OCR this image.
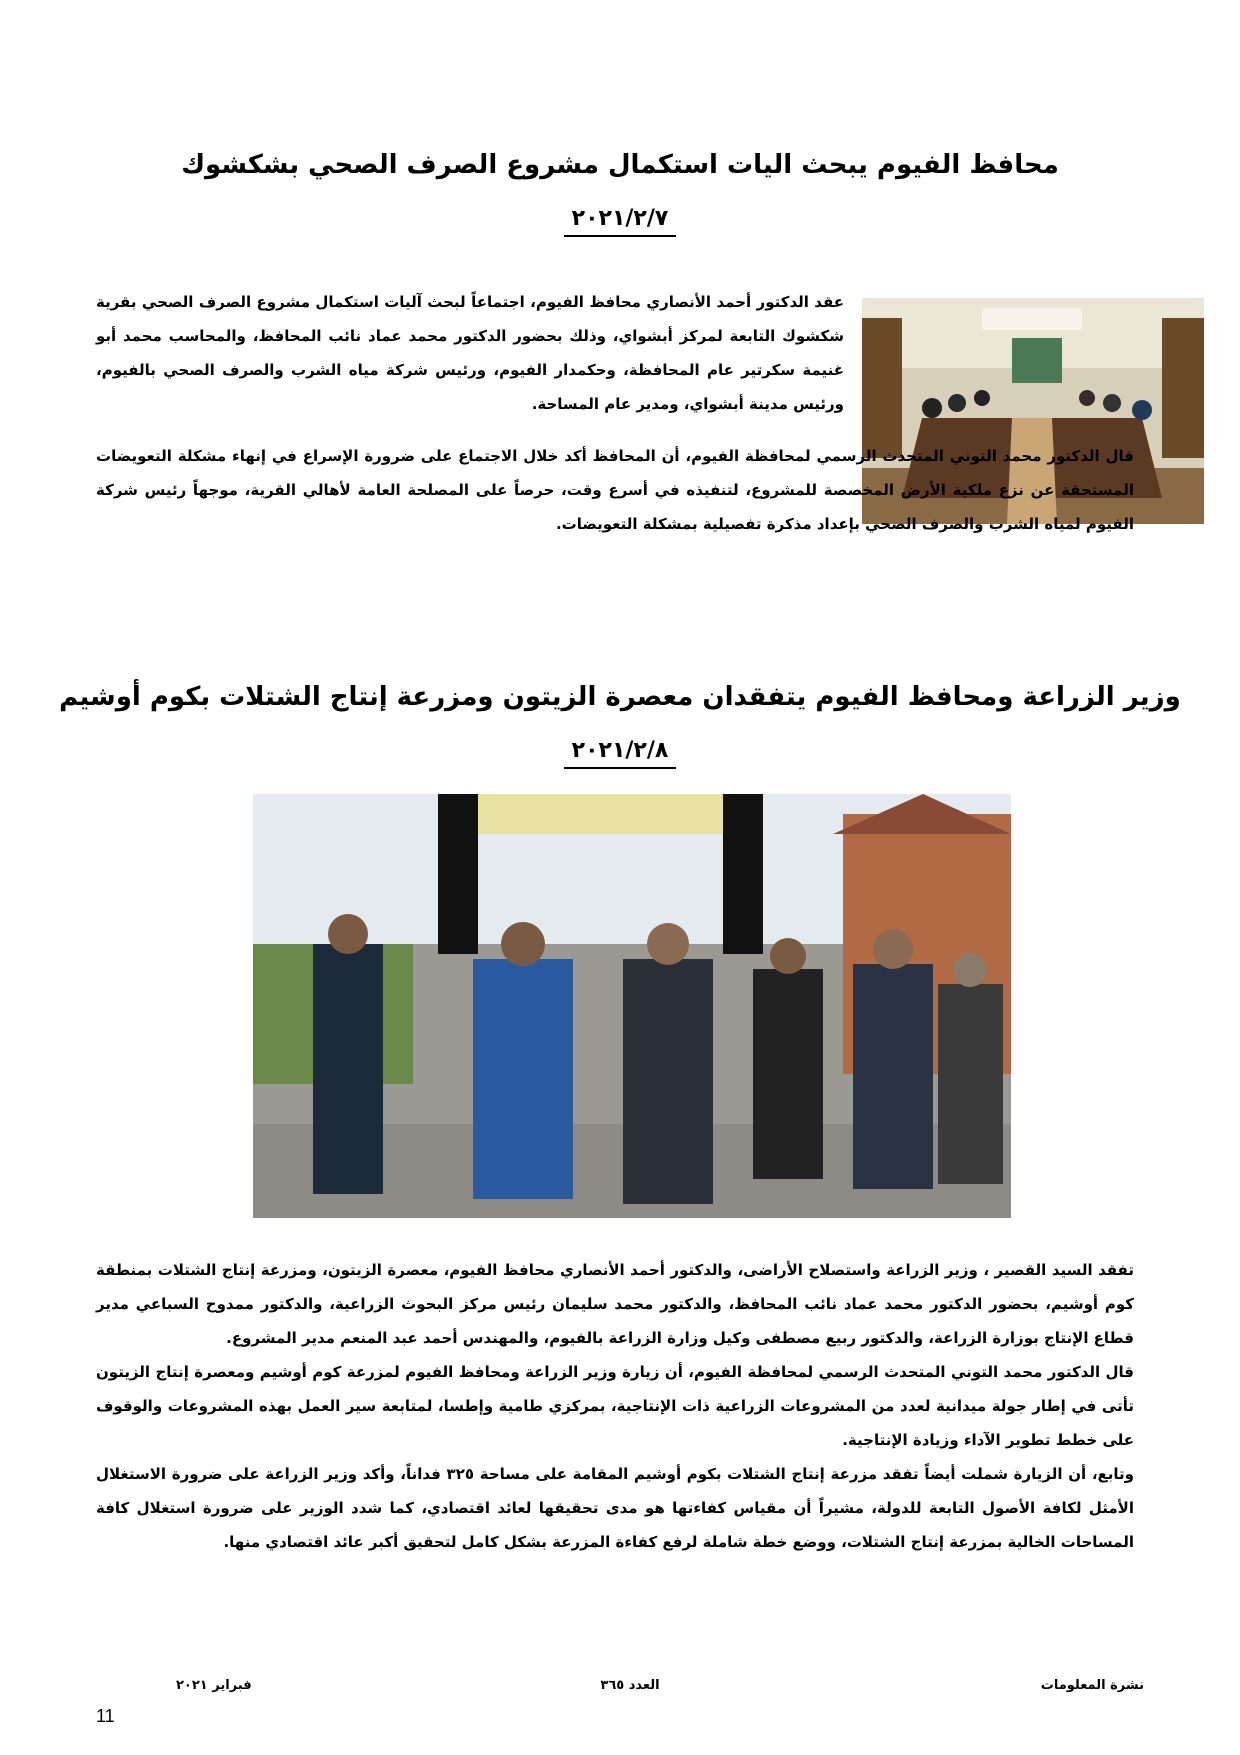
محافظ الفيوم يبحث اليات استكمال مشروع الصرف الصحي بشكشوك
٢٠٢١/٢/٧

عقد الدكتور أحمد الأنصاري محافظ الفيوم، اجتماعاً لبحث آليات استكمال مشروع الصرف الصحي بقرية شكشوك التابعة لمركز أبشواي، وذلك بحضور الدكتور محمد عماد نائب المحافظ، والمحاسب محمد أبو غنيمة سكرتير عام المحافظة، وحكمدار الفيوم، ورئيس شركة مياه الشرب والصرف الصحي بالفيوم، ورئيس مدينة أبشواي، ومدير عام المساحة.

قال الدكتور محمد التوني المتحدث الرسمي لمحافظة الفيوم، أن المحافظ أكد خلال الاجتماع على ضرورة الإسراع في إنهاء مشكلة التعويضات المستحقة عن نزع ملكية الأرض المخصصة للمشروع، لتنفيذه في أسرع وقت، حرصاً على المصلحة العامة لأهالي القرية، موجهاً رئيس شركة الفيوم لمياه الشرب والصرف الصحي بإعداد مذكرة تفصيلية بمشكلة التعويضات.

وزير الزراعة ومحافظ الفيوم يتفقدان معصرة الزيتون ومزرعة إنتاج الشتلات بكوم أوشيم
٢٠٢١/٢/٨

تفقد السيد القصير ، وزير الزراعة واستصلاح الأراضى، والدكتور أحمد الأنصاري محافظ الفيوم، معصرة الزيتون، ومزرعة إنتاج الشتلات بمنطقة كوم أوشيم، بحضور الدكتور محمد عماد نائب المحافظ، والدكتور محمد سليمان رئيس مركز البحوث الزراعية، والدكتور ممدوح السباعي مدير قطاع الإنتاج بوزارة الزراعة، والدكتور ربيع مصطفى وكيل وزارة الزراعة بالفيوم، والمهندس أحمد عبد المنعم مدير المشروع.

قال الدكتور محمد التوني المتحدث الرسمي لمحافظة الفيوم، أن زيارة وزير الزراعة ومحافظ الفيوم لمزرعة كوم أوشيم ومعصرة إنتاج الزيتون تأتى في إطار جولة ميدانية لعدد من المشروعات الزراعية ذات الإنتاجية، بمركزي طامية وإطسا، لمتابعة سير العمل بهذه المشروعات والوقوف على خطط تطوير الآداء وزيادة الإنتاجية.

وتابع، أن الزيارة شملت أيضاً تفقد مزرعة إنتاج الشتلات بكوم أوشيم المقامة على مساحة ٣٢٥ فداناً، وأكد وزير الزراعة على ضرورة الاستغلال الأمثل لكافة الأصول التابعة للدولة، مشيراً أن مقياس كفاءتها هو مدى تحقيقها لعائد اقتصادي، كما شدد الوزير على ضرورة استغلال كافة المساحات الخالية بمزرعة إنتاج الشتلات، ووضع خطة شاملة لرفع كفاءة المزرعة بشكل كامل لتحقيق أكبر عائد اقتصادي منها.

نشرة المعلومات
العدد ٣٦٥
فبراير ٢٠٢١
11
